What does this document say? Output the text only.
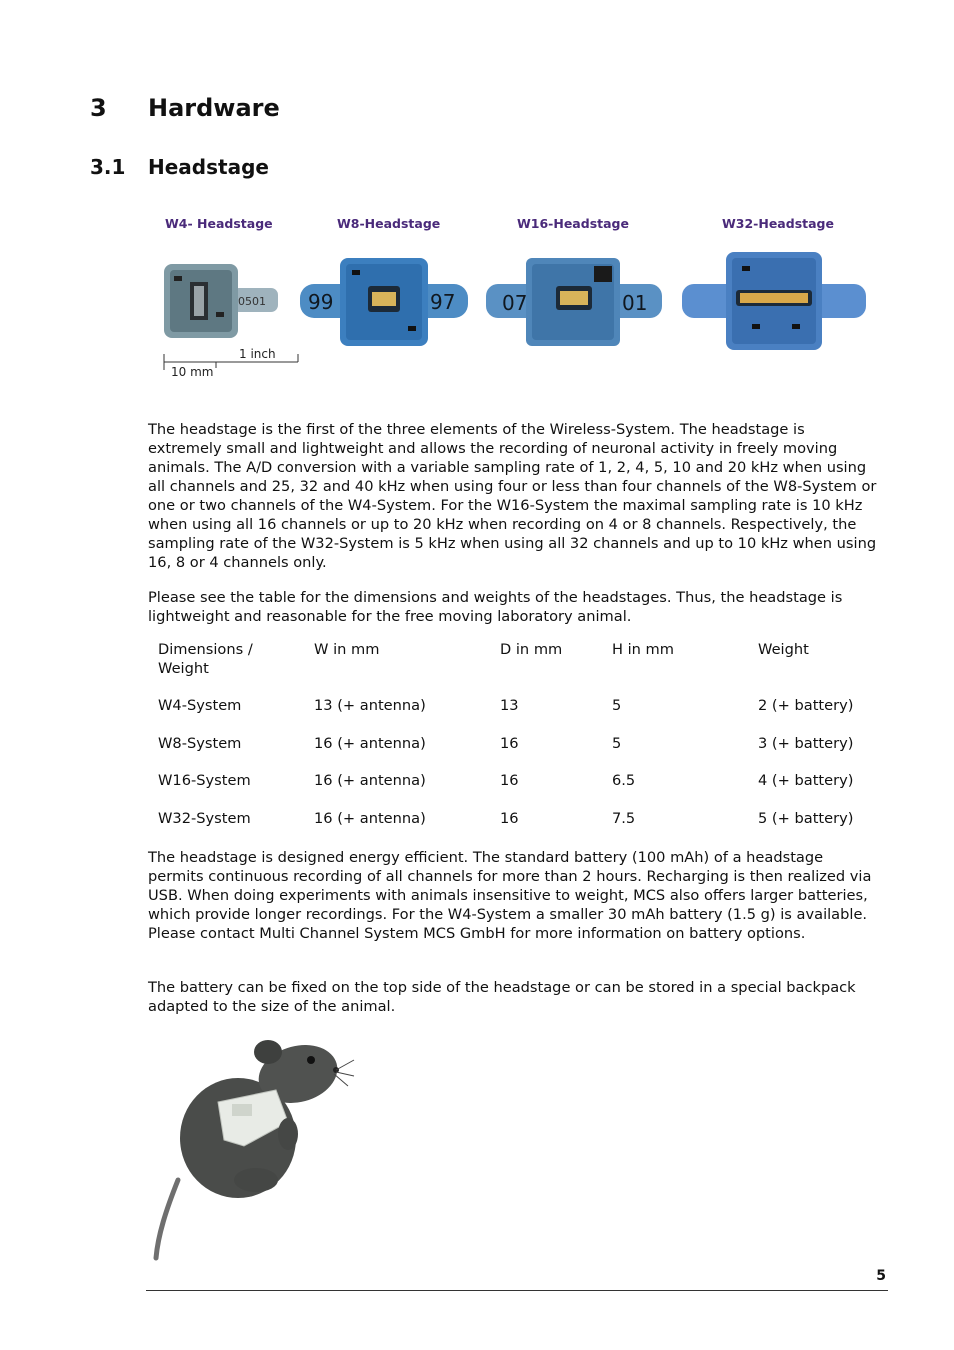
3 Hardware
3.1 Headstage
W4- Headstage	W8-Headstage	W16-Headstage	W32-Headstage
0501 99	97 07	01
1 inch
10 mm

The headstage is the first of the three elements of the Wireless-System. The headstage is extremely small and lightweight and allows the recording of neuronal activity in freely moving animals. The A/D conversion with a variable sampling rate of 1, 2, 4, 5, 10 and 20 kHz when using all channels and 25, 32 and 40 kHz when using four or less than four channels of the W8-System or one or two channels of the W4-System. For the W16-System the maximal sampling rate is 10 kHz when using all 16 channels or up to 20 kHz when recording on 4 or 8 channels. Respectively, the sampling rate of the W32-System is 5 kHz when using all 32 channels and up to 10 kHz when using 16, 8 or 4 channels only.

Please see the table for the dimensions and weights of the headstages. Thus, the headstage is lightweight and reasonable for the free moving laboratory animal.

Dimensions / Weight	W in mm	D in mm	H in mm	Weight
W4-System	13 (+ antenna)	13	5	2 (+ battery)
W8-System	16 (+ antenna)	16	5	3 (+ battery)
W16-System	16 (+ antenna)	16	6.5	4 (+ battery)
W32-System	16 (+ antenna)	16	7.5	5 (+ battery)

The headstage is designed energy efficient. The standard battery (100 mAh) of a headstage permits continuous recording of all channels for more than 2 hours. Recharging is then realized via USB. When doing experiments with animals insensitive to weight, MCS also offers larger batteries, which provide longer recordings. For the W4-System a smaller 30 mAh battery (1.5 g) is available. Please contact Multi Channel System MCS GmbH for more information on battery options.

The battery can be fixed on the top side of the headstage or can be stored in a special backpack adapted to the size of the animal.

5
